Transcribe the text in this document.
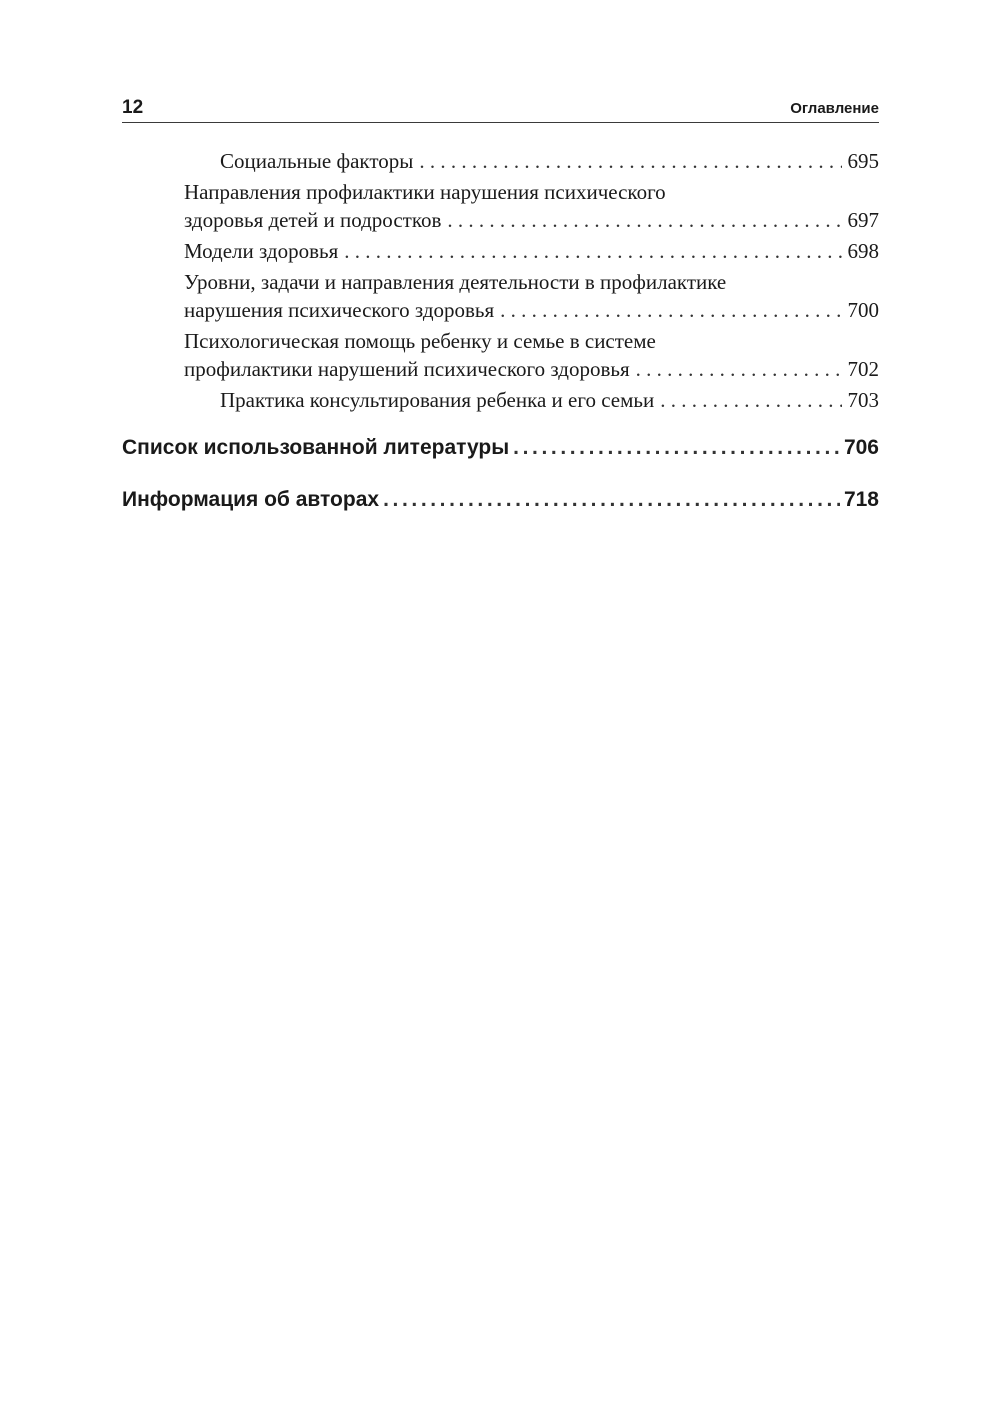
12	Оглавление
Социальные факторы . . .	695
Направления профилактики нарушения психического
здоровья детей и подростков . . .	697
Модели здоровья . . .	698
Уровни, задачи и направления деятельности в профилактике
нарушения психического здоровья . . .	700
Психологическая помощь ребенку и семье в системе
профилактики нарушений психического здоровья . . .	702
Практика консультирования ребенка и его семьи . . .	703
Список использованной литературы .....	706
Информация об авторах .....	718
